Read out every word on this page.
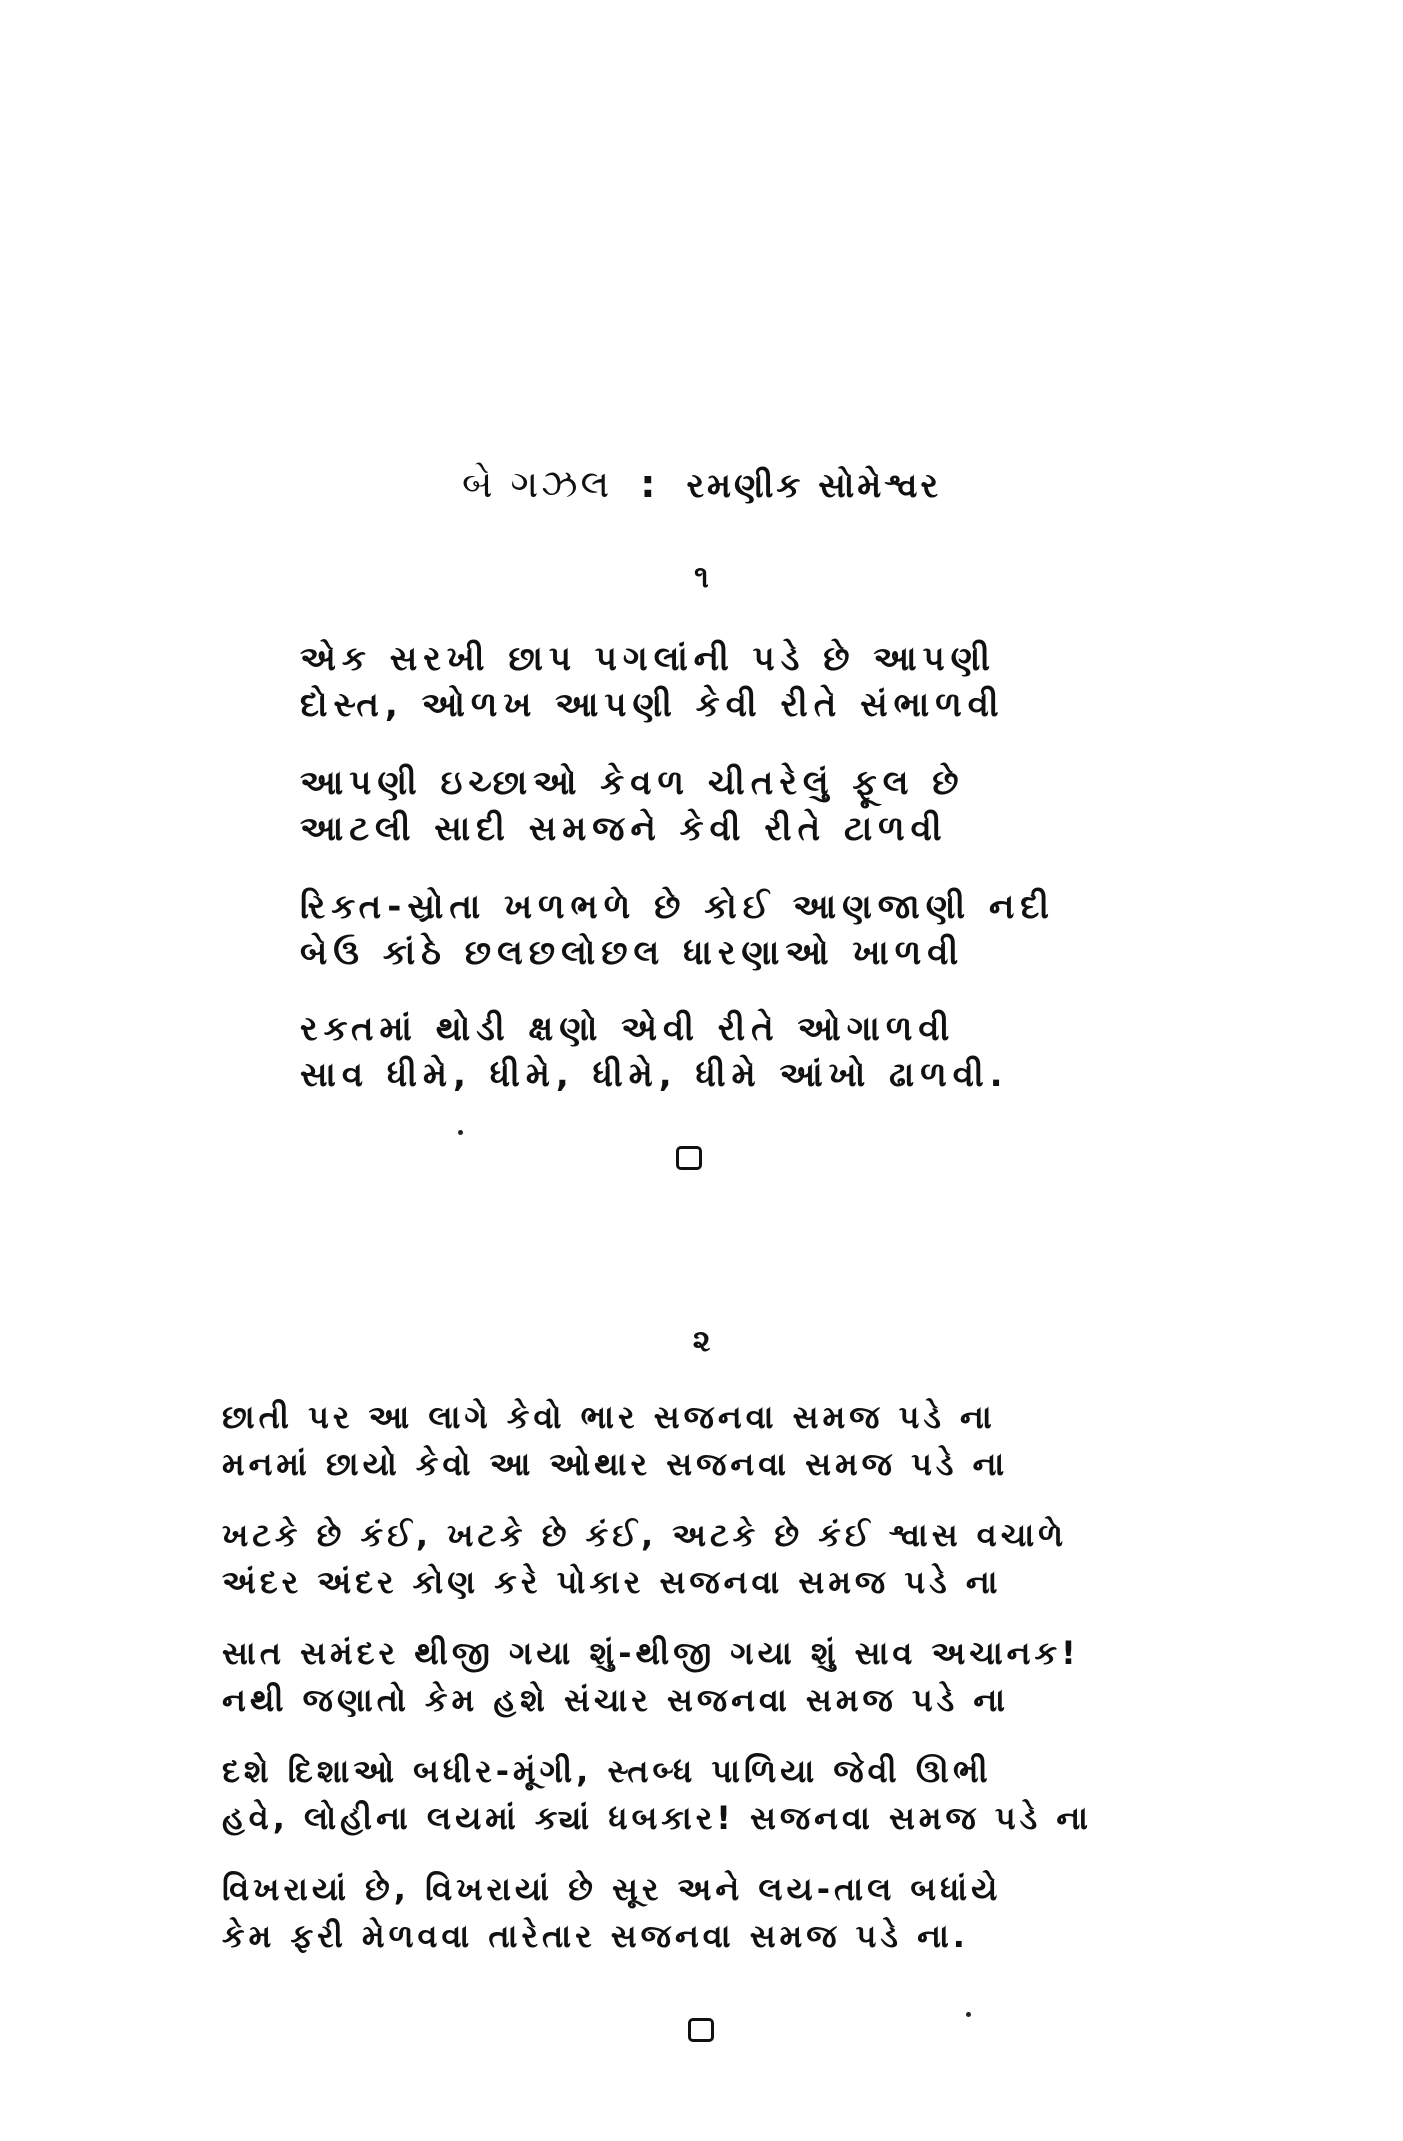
બે ગઝલ : રમણીક સોમેશ્વર
૧
એક સરખી છાપ પગલાંની પડે છે આપણી
દોસ્ત, ઓળખ આપણી કેવી રીતે સંભાળવી
આપણી ઇચ્છાઓ કેવળ ચીતરેલું ફૂલ છે
આટલી સાદી સમજને કેવી રીતે ટાળવી
રિક્ત-સ્રોતા ખળભળે છે કોઈ આણજાણી નદી
બેઉ કાંઠે છલછલોછલ ધારણાઓ ખાળવી
રક્તમાં થોડી ક્ષણો એવી રીતે ઓગાળવી
સાવ ધીમે, ધીમે, ધીમે, ધીમે આંખો ઢાળવી.
૨
છાતી પર આ લાગે કેવો ભાર સજનવા સમજ પડે ના
મનમાં છાયો કેવો આ ઓથાર સજનવા સમજ પડે ના
ખટકે છે કંઈ, ખટકે છે કંઈ, અટકે છે કંઈ શ્વાસ વચાળે
અંદર અંદર કોણ કરે પોકાર સજનવા સમજ પડે ના
સાત સમંદર થીજી ગયા શું-થીજી ગયા શું સાવ અચાનક!
નથી જણાતો કેમ હશે સંચાર સજનવા સમજ પડે ના
દશે દિશાઓ બધીર-મૂંગી, સ્તબ્ધ પાળિયા જેવી ઊભી
હવે, લોહીના લયમાં ક્યાં ધબકાર! સજનવા સમજ પડે ના
વિખરાયાં છે, વિખરાયાં છે સૂર અને લય-તાલ બધાંયે
કેમ ફરી મેળવવા તારેતાર સજનવા સમજ પડે ના.
